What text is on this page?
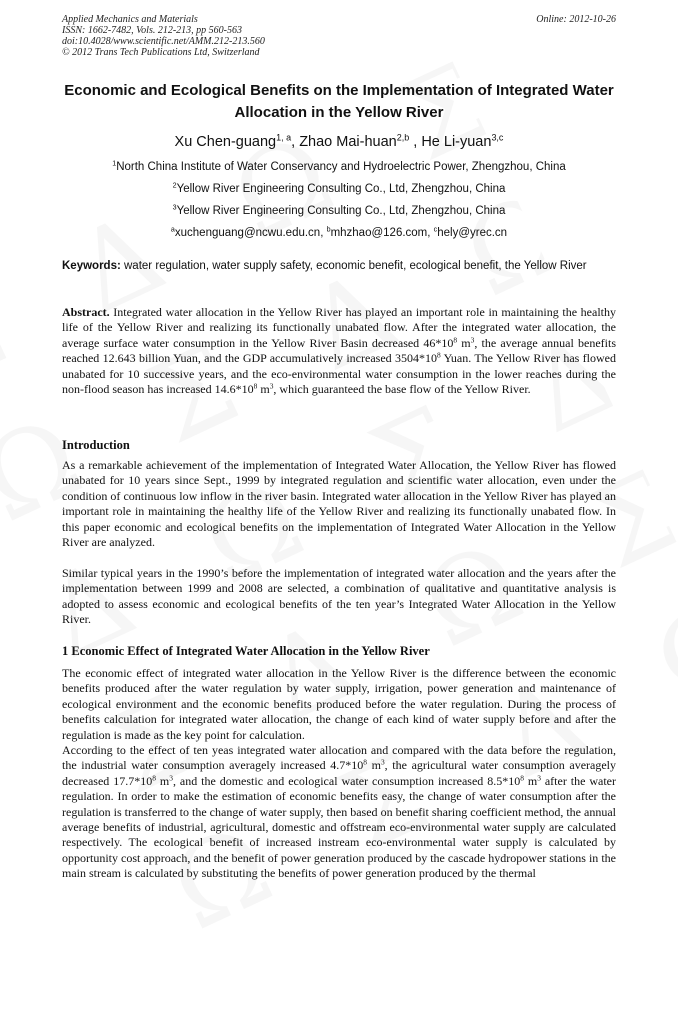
Applied Mechanics and Materials
ISSN: 1662-7482, Vols. 212-213, pp 560-563
doi:10.4028/www.scientific.net/AMM.212-213.560
© 2012 Trans Tech Publications Ltd, Switzerland
Online: 2012-10-26
Economic and Ecological Benefits on the Implementation of Integrated Water Allocation in the Yellow River
Xu Chen-guang$^{1, a}$, Zhao Mai-huan$^{2,b}$ , He Li-yuan$^{3,c}$
$^1$North China Institute of Water Conservancy and Hydroelectric Power, Zhengzhou, China
$^2$Yellow River Engineering Consulting Co., Ltd, Zhengzhou, China
$^3$Yellow River Engineering Consulting Co., Ltd, Zhengzhou, China
$^a$xuchenguang@ncwu.edu.cn, $^b$mhzhao@126.com, $^c$hely@yrec.cn
Keywords: water regulation, water supply safety, economic benefit, ecological benefit, the Yellow River
Abstract. Integrated water allocation in the Yellow River has played an important role in maintaining the healthy life of the Yellow River and realizing its functionally unabated flow. After the integrated water allocation, the average surface water consumption in the Yellow River Basin decreased $46*10^8$ $m^3$, the average annual benefits reached 12.643 billion Yuan, and the GDP accumulatively increased $3504*10^8$ Yuan. The Yellow River has flowed unabated for 10 successive years, and the eco-environmental water consumption in the lower reaches during the non-flood season has increased $14.6*10^8$ $m^3$, which guaranteed the base flow of the Yellow River.
Introduction
As a remarkable achievement of the implementation of Integrated Water Allocation, the Yellow River has flowed unabated for 10 years since Sept., 1999 by integrated regulation and scientific water allocation, even under the condition of continuous low inflow in the river basin. Integrated water allocation in the Yellow River has played an important role in maintaining the healthy life of the Yellow River and realizing its functionally unabated flow. In this paper economic and ecological benefits on the implementation of Integrated Water Allocation in the Yellow River are analyzed.
Similar typical years in the 1990’s before the implementation of integrated water allocation and the years after the implementation between 1999 and 2008 are selected, a combination of qualitative and quantitative analysis is adopted to assess economic and ecological benefits of the ten year’s Integrated Water Allocation in the Yellow River.
1 Economic Effect of Integrated Water Allocation in the Yellow River
The economic effect of integrated water allocation in the Yellow River is the difference between the economic benefits produced after the water regulation by water supply, irrigation, power generation and maintenance of ecological environment and the economic benefits produced before the water regulation. During the process of benefits calculation for integrated water allocation, the change of each kind of water supply before and after the regulation is made as the key point for calculation.
According to the effect of ten yeas integrated water allocation and compared with the data before the regulation, the industrial water consumption averagely increased $4.7*10^8$ $m^3$, the agricultural water consumption averagely decreased $17.7*10^8$ $m^3$, and the domestic and ecological water consumption increased $8.5*10^8$ $m^3$ after the water regulation. In order to make the estimation of economic benefits easy, the change of water consumption after the regulation is transferred to the change of water supply, then based on benefit sharing coefficient method, the annual average benefits of industrial, agricultural, domestic and offstream eco-environmental water supply are calculated respectively. The ecological benefit of increased instream eco-environmental water supply is calculated by opportunity cost approach, and the benefit of power generation produced by the cascade hydropower stations in the main stream is calculated by substituting the benefits of power generation produced by the thermal
